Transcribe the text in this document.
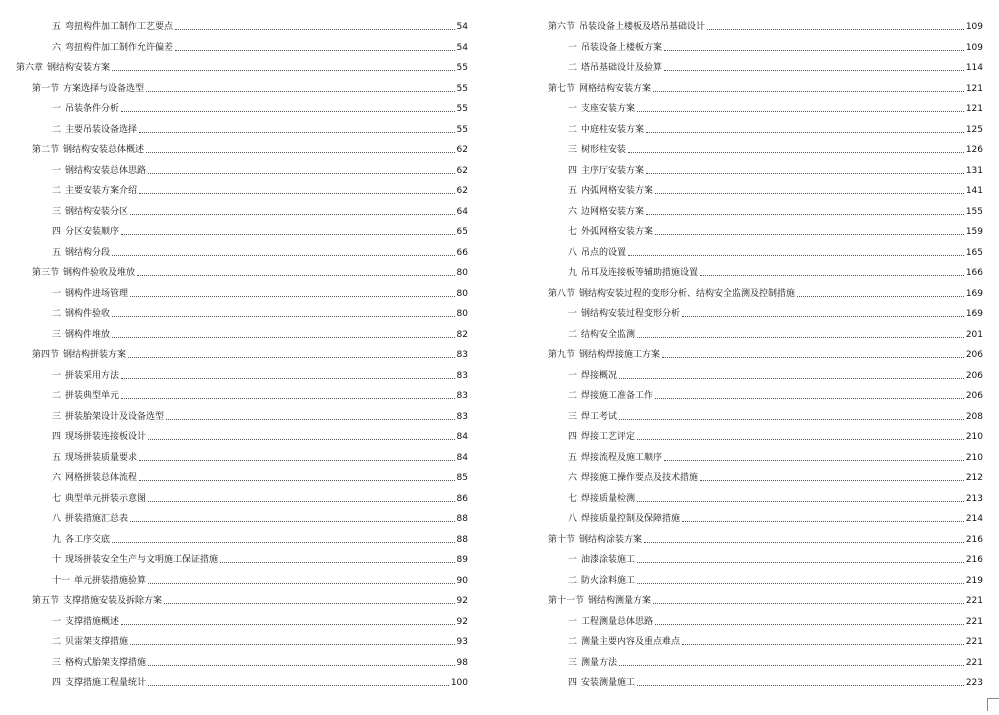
五 弯扭构件加工制作工艺要点	54
六 弯扭构件加工制作允许偏差	54
第六章 钢结构安装方案	55
第一节 方案选择与设备选型	55
一 吊装条件分析	55
二 主要吊装设备选择	55
第二节 钢结构安装总体概述	62
一 钢结构安装总体思路	62
二 主要安装方案介绍	62
三 钢结构安装分区	64
四 分区安装顺序	65
五 钢结构分段	66
第三节 钢构件验收及堆放	80
一 钢构件进场管理	80
二 钢构件验收	80
三 钢构件堆放	82
第四节 钢结构拼装方案	83
一 拼装采用方法	83
二 拼装典型单元	83
三 拼装胎架设计及设备选型	83
四 现场拼装连接板设计	84
五 现场拼装质量要求	84
六 网格拼装总体流程	85
七 典型单元拼装示意图	86
八 拼装措施汇总表	88
九 各工序交底	88
十 现场拼装安全生产与文明施工保证措施	89
十一 单元拼装措施验算	90
第五节 支撑措施安装及拆除方案	92
一 支撑措施概述	92
二 贝雷架支撑措施	93
三 格构式胎架支撑措施	98
四 支撑措施工程量统计	100
第六节 吊装设备上楼板及塔吊基础设计	109
一 吊装设备上楼板方案	109
二 塔吊基础设计及验算	114
第七节 网格结构安装方案	121
一 支座安装方案	121
二 中庭柱安装方案	125
三 树形柱安装	126
四 主序厅安装方案	131
五 内弧网格安装方案	141
六 边网格安装方案	155
七 外弧网格安装方案	159
八 吊点的设置	165
九 吊耳及连接板等辅助措施设置	166
第八节 钢结构安装过程的变形分析、结构安全监测及控制措施	169
一 钢结构安装过程变形分析	169
二 结构安全监测	201
第九节 钢结构焊接施工方案	206
一 焊接概况	206
二 焊接施工准备工作	206
三 焊工考试	208
四 焊接工艺评定	210
五 焊接流程及施工顺序	210
六 焊接施工操作要点及技术措施	212
七 焊接质量检测	213
八 焊接质量控制及保障措施	214
第十节 钢结构涂装方案	216
一 油漆涂装施工	216
二 防火涂料施工	219
第十一节 钢结构测量方案	221
一 工程测量总体思路	221
二 测量主要内容及重点难点	221
三 测量方法	221
四 安装测量施工	223
